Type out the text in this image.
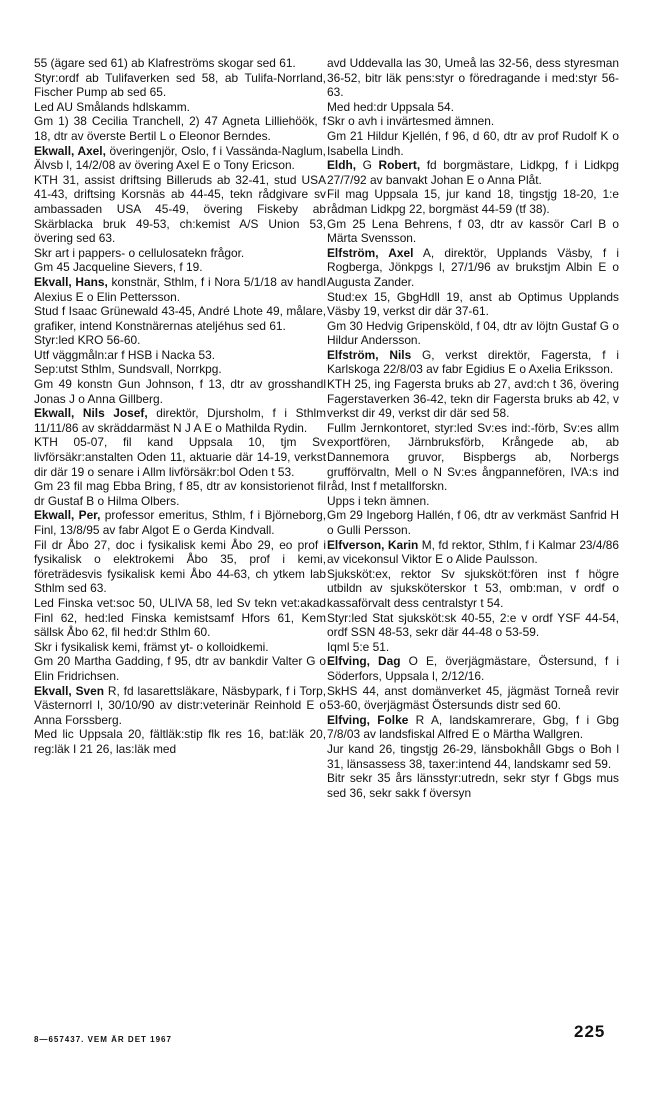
55 (ägare sed 61) ab Klafreströms skogar sed 61.

Styr:ordf ab Tulifaverken sed 58, ab Tulifa-Norrland, Fischer Pump ab sed 65.

Led AU Smålands hdlskamm.

Gm 1) 38 Cecilia Tranchell, 2) 47 Agneta Lilliehöök, f 18, dtr av överste Bertil L o Eleonor Berndes.

Ekwall, Axel, överingenjör, Oslo, f i Vassända-Naglum, Älvsb l, 14/2/08 av övering Axel E o Tony Ericson.

KTH 31, assist driftsing Billeruds ab 32-41, stud USA 41-43, driftsing Korsnäs ab 44-45, tekn rådgivare sv ambassaden USA 45-49, övering Fiskeby ab Skärblacka bruk 49-53, ch:kemist A/S Union 53, övering sed 63.

Skr art i pappers- o cellulosatekn frågor.

Gm 45 Jacqueline Sievers, f 19.

Ekvall, Hans, konstnär, Sthlm, f i Nora 5/1/18 av handl Alexius E o Elin Pettersson.

Stud f Isaac Grünewald 43-45, André Lhote 49, målare, grafiker, intend Konstnärernas ateljéhus sed 61.

Styr:led KRO 56-60.

Utf väggmåln:ar f HSB i Nacka 53.

Sep:utst Sthlm, Sundsvall, Norrkpg.

Gm 49 konstn Gun Johnson, f 13, dtr av grosshandl Jonas J o Anna Gillberg.

Ekwall, Nils Josef, direktör, Djursholm, f i Sthlm 11/11/86 av skräddarmäst N J A E o Mathilda Rydin.

KTH 05-07, fil kand Uppsala 10, tjm Sv livförsäkr:anstalten Oden 11, aktuarie där 14-19, verkst dir där 19 o senare i Allm livförsäkr:bol Oden t 53.

Gm 23 fil mag Ebba Bring, f 85, dtr av konsistorienot fil dr Gustaf B o Hilma Olbers.

Ekwall, Per, professor emeritus, Sthlm, f i Björneborg, Finl, 13/8/95 av fabr Algot E o Gerda Kindvall.

Fil dr Åbo 27, doc i fysikalisk kemi Åbo 29, eo prof i fysikalisk o elektrokemi Åbo 35, prof i kemi, företrädesvis fysikalisk kemi Åbo 44-63, ch ytkem lab Sthlm sed 63.

Led Finska vet:soc 50, ULIVA 58, led Sv tekn vet:akad Finl 62, hed:led Finska kemistsamf Hfors 61, Kem sällsk Åbo 62, fil hed:dr Sthlm 60.

Skr i fysikalisk kemi, främst yt- o kolloidkemi.

Gm 20 Martha Gadding, f 95, dtr av bankdir Valter G o Elin Fridrichsen.

Ekvall, Sven R, fd lasarettsläkare, Näsbypark, f i Torp, Västernorrl l, 30/10/90 av distr:veterinär Reinhold E o Anna Forssberg.

Med lic Uppsala 20, fältläk:stip flk res 16, bat:läk 20, reg:läk I 21 26, las:läk med

avd Uddevalla las 30, Umeå las 32-56, dess styresman 36-52, bitr läk pens:styr o föredragande i med:styr 56-63.

Med hed:dr Uppsala 54.

Skr o avh i invärtesmed ämnen.

Gm 21 Hildur Kjellén, f 96, d 60, dtr av prof Rudolf K o Isabella Lindh.

Eldh, G Robert, fd borgmästare, Lidkpg, f i Lidkpg 27/7/92 av banvakt Johan E o Anna Plåt.

Fil mag Uppsala 15, jur kand 18, tingstjg 18-20, 1:e rådman Lidkpg 22, borgmäst 44-59 (tf 38).

Gm 25 Lena Behrens, f 03, dtr av kassör Carl B o Märta Svensson.

Elfström, Axel A, direktör, Upplands Väsby, f i Rogberga, Jönkpgs l, 27/1/96 av brukstjm Albin E o Augusta Zander.

Stud:ex 15, GbgHdll 19, anst ab Optimus Upplands Väsby 19, verkst dir där 37-61.

Gm 30 Hedvig Gripensköld, f 04, dtr av löjtn Gustaf G o Hildur Andersson.

Elfström, Nils G, verkst direktör, Fagersta, f i Karlskoga 22/8/03 av fabr Egidius E o Axelia Eriksson.

KTH 25, ing Fagersta bruks ab 27, avd:ch t 36, övering Fagerstaverken 36-42, tekn dir Fagersta bruks ab 42, v verkst dir 49, verkst dir där sed 58.

Fullm Jernkontoret, styr:led Sv:es ind:-förb, Sv:es allm exportfören, Järnbruksförb, Krångede ab, ab Dannemora gruvor, Bispbergs ab, Norbergs grufförvaltn, Mell o N Sv:es ångpannefören, IVA:s ind råd, Inst f metallforskn.

Upps i tekn ämnen.

Gm 29 Ingeborg Hallén, f 06, dtr av verkmäst Sanfrid H o Gulli Persson.

Elfverson, Karin M, fd rektor, Sthlm, f i Kalmar 23/4/86 av vicekonsul Viktor E o Alide Paulsson.

Sjuksköt:ex, rektor Sv sjuksköt:fören inst f högre utbildn av sjuksköterskor t 53, omb:man, v ordf o kassaförvalt dess centralstyr t 54.

Styr:led Stat sjuksköt:sk 40-55, 2:e v ordf YSF 44-54, ordf SSN 48-53, sekr där 44-48 o 53-59.

Iqml 5:e 51.

Elfving, Dag O E, överjägmästare, Östersund, f i Söderfors, Uppsala l, 2/12/16.

SkHS 44, anst domänverket 45, jägmäst Torneå revir 53-60, överjägmäst Östersunds distr sed 60.

Elfving, Folke R A, landskamrerare, Gbg, f i Gbg 7/8/03 av landsfiskal Alfred E o Märtha Wallgren.

Jur kand 26, tingstjg 26-29, länsbokhåll Gbgs o Boh l 31, länsassess 38, taxer:intend 44, landskamr sed 59.

Bitr sekr 35 års länsstyr:utredn, sekr styr f Gbgs mus sed 36, sekr sakk f översyn

8—657437. VEM ÄR DET 1967	225
